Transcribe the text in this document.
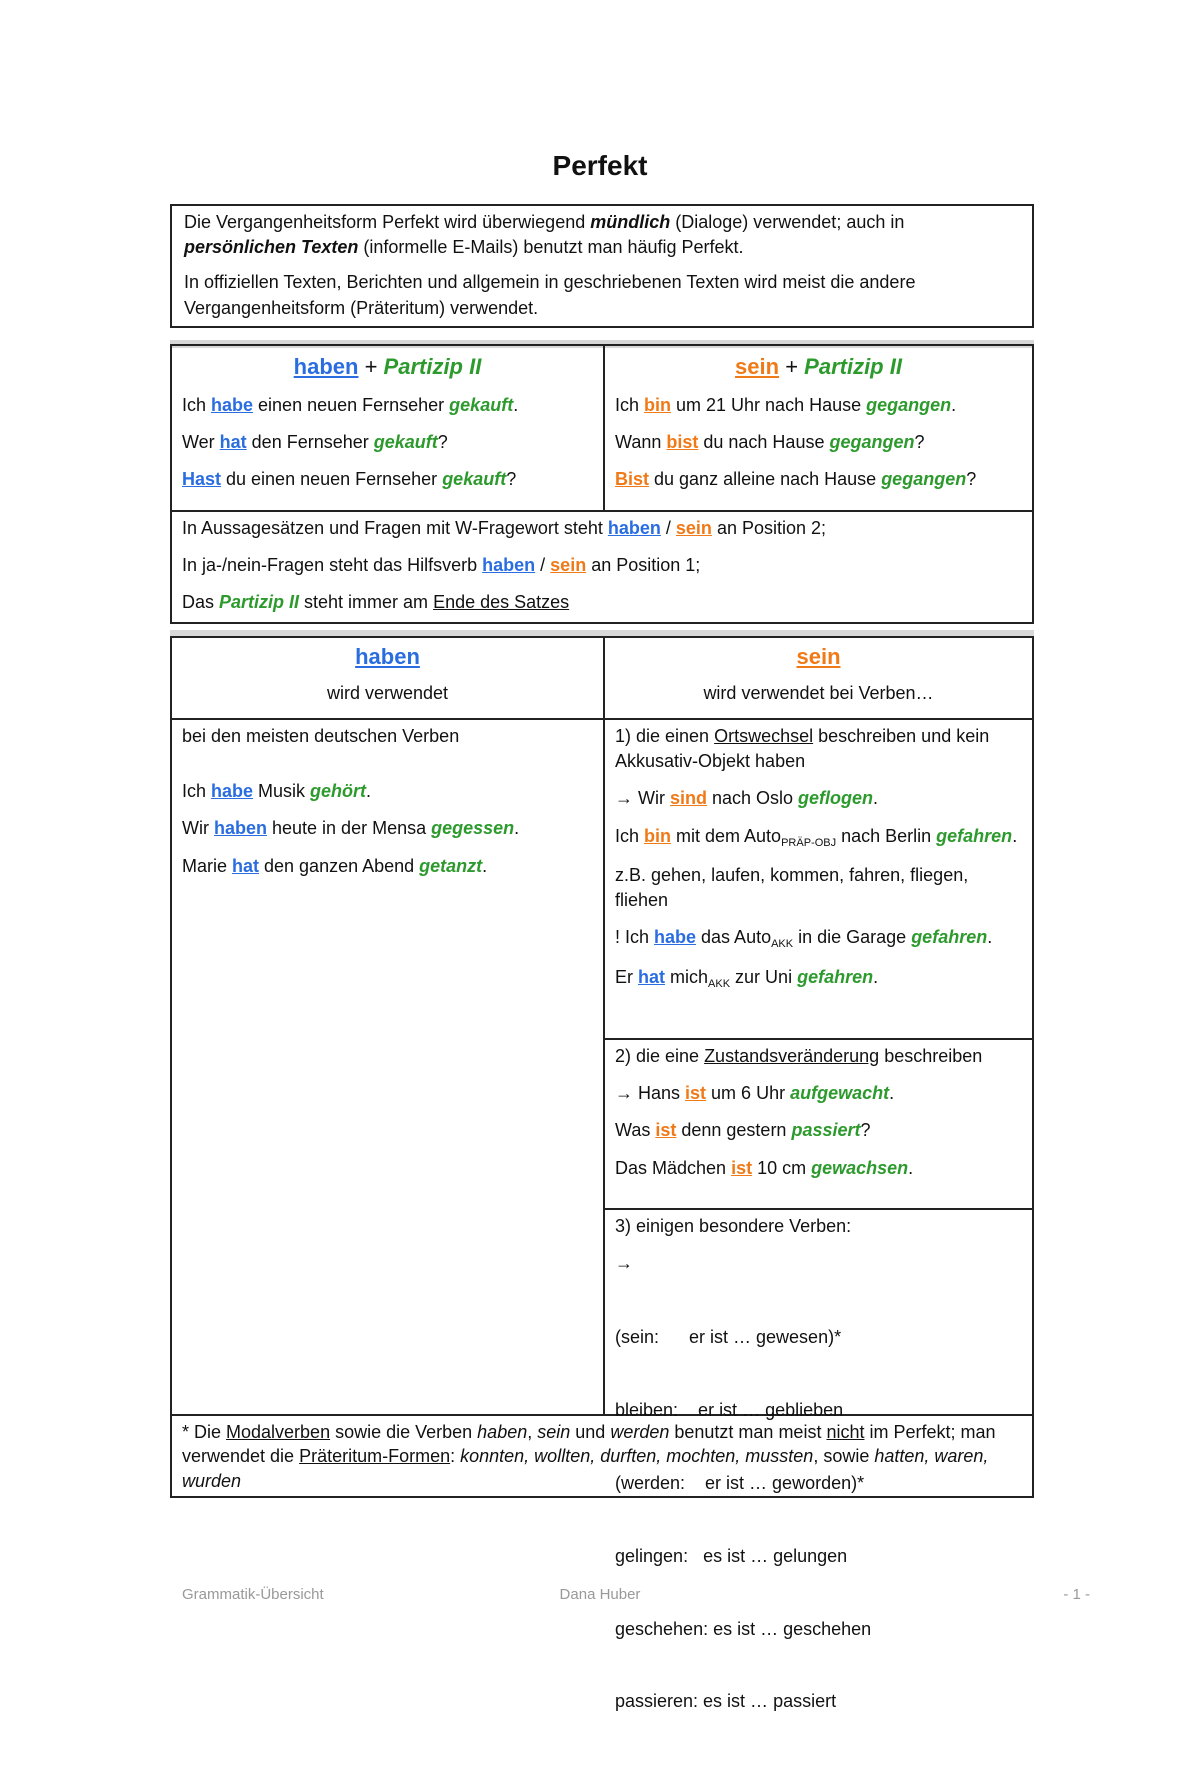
Perfekt

Die Vergangenheitsform Perfekt wird überwiegend mündlich (Dialoge) verwendet; auch in persönlichen Texten (informelle E-Mails) benutzt man häufig Perfekt.

In offiziellen Texten, Berichten und allgemein in geschriebenen Texten wird meist die andere Vergangenheitsform (Präteritum) verwendet.

haben + Partizip II

Ich habe einen neuen Fernseher gekauft.

Wer hat den Fernseher gekauft?

Hast du einen neuen Fernseher gekauft?

sein + Partizip II

Ich bin um 21 Uhr nach Hause gegangen.

Wann bist du nach Hause gegangen?

Bist du ganz alleine nach Hause gegangen?

In Aussagesätzen und Fragen mit W-Fragewort steht haben / sein an Position 2;

In ja-/nein-Fragen steht das Hilfsverb haben / sein an Position 1;

Das Partizip II steht immer am Ende des Satzes

haben

wird verwendet

sein

wird verwendet bei Verben…

bei den meisten deutschen Verben

Ich habe Musik gehört.

Wir haben heute in der Mensa gegessen.

Marie hat den ganzen Abend getanzt.

1) die einen Ortswechsel beschreiben und kein Akkusativ-Objekt haben

→ Wir sind nach Oslo geflogen.

Ich bin mit dem Auto$_{PRÄP-OBJ}$ nach Berlin gefahren.

z.B. gehen, laufen, kommen, fahren, fliegen, fliehen

! Ich habe das Auto$_{AKK}$ in die Garage gefahren.

Er hat mich$_{AKK}$ zur Uni gefahren.

2) die eine Zustandsveränderung beschreiben

→ Hans ist um 6 Uhr aufgewacht.

Was ist denn gestern passiert?

Das Mädchen ist 10 cm gewachsen.

3) einigen besondere Verben:

→

(sein:      er ist … gewesen)*

bleiben:    er ist … geblieben

(werden:    er ist … geworden)*

gelingen:   es ist … gelungen

geschehen: es ist … geschehen

passieren: es ist … passiert

* Die Modalverben sowie die Verben haben, sein und werden benutzt man meist nicht im Perfekt; man verwendet die Präteritum-Formen: konnten, wollten, durften, mochten, mussten, sowie hatten, waren, wurden
Grammatik-Übersicht	Dana Huber	- 1 -
